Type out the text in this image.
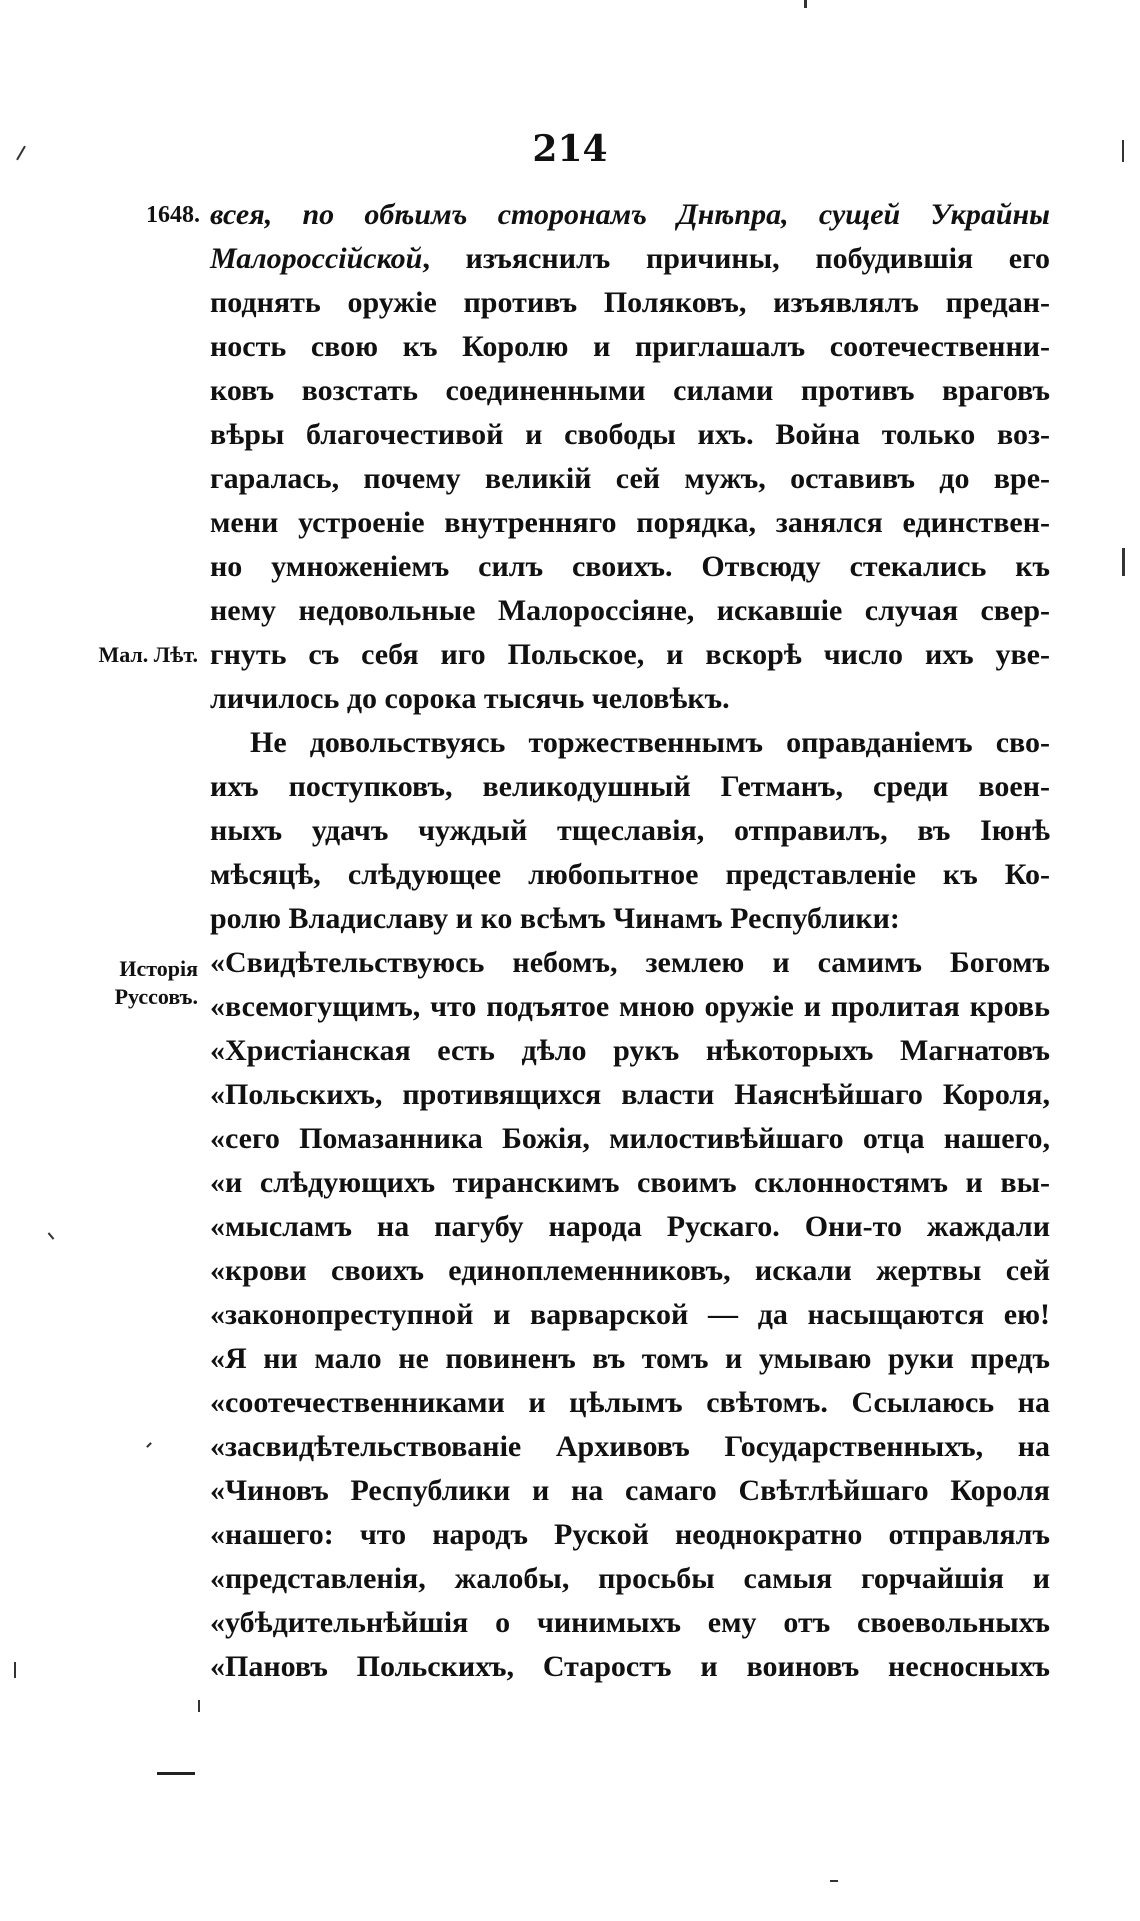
214
1648. всея, по обѣимъ сторонамъ Днѣпра, сущей Украйны
Малороссійской, изъяснилъ причины, побудившія его
поднять оружіе противъ Поляковъ, изъявлялъ предан-
ность свою къ Королю и приглашалъ соотечественни-
ковъ возстать соединенными силами противъ враговъ
вѣры благочестивой и свободы ихъ. Война только воз-
гаралась, почему великій сей мужъ, оставивъ до вре-
мени устроеніе внутренняго порядка, занялся единствен-
но умноженіемъ силъ своихъ. Отвсюду стекались къ
нему недовольные Малороссіяне, искавшіе случая свер-
Мал. Лѣт. гнуть съ себя иго Польское, и вскорѣ число ихъ уве-
личилось до сорока тысячь человѣкъ.
Не довольствуясь торжественнымъ оправданіемъ сво-
ихъ поступковъ, великодушный Гетманъ, среди воен-
ныхъ удачъ чуждый тщеславія, отправилъ, въ Іюнѣ
мѣсяцѣ, слѣдующее любопытное представленіе къ Ко-
ролю Владиславу и ко всѣмъ Чинамъ Республики:
Исторія
Руссовъ.
«Свидѣтельствуюсь небомъ, землею и самимъ Богомъ
«всемогущимъ, что подъятое мною оружіе и пролитая кровь
«Христіанская есть дѣло рукъ нѣкоторыхъ Магнатовъ
«Польскихъ, противящихся власти Наяснѣйшаго Короля,
«сего Помазанника Божія, милостивѣйшаго отца нашего,
«и слѣдующихъ тиранскимъ своимъ склонностямъ и вы-
«мысламъ на пагубу народа Рускаго. Они-то жаждали
«крови своихъ единоплеменниковъ, искали жертвы сей
«законопреступной и варварской — да насыщаются ею!
«Я ни мало не повиненъ въ томъ и умываю руки предъ
«соотечественниками и цѣлымъ свѣтомъ. Ссылаюсь на
«засвидѣтельствованіе Архивовъ Государственныхъ, на
«Чиновъ Республики и на самаго Свѣтлѣйшаго Короля
«нашего: что народъ Руской неоднократно отправлялъ
«представленія, жалобы, просьбы самыя горчайшія и
«убѣдительнѣйшія о чинимыхъ ему отъ своевольныхъ
«Пановъ Польскихъ, Старостъ и воиновъ несносныхъ
